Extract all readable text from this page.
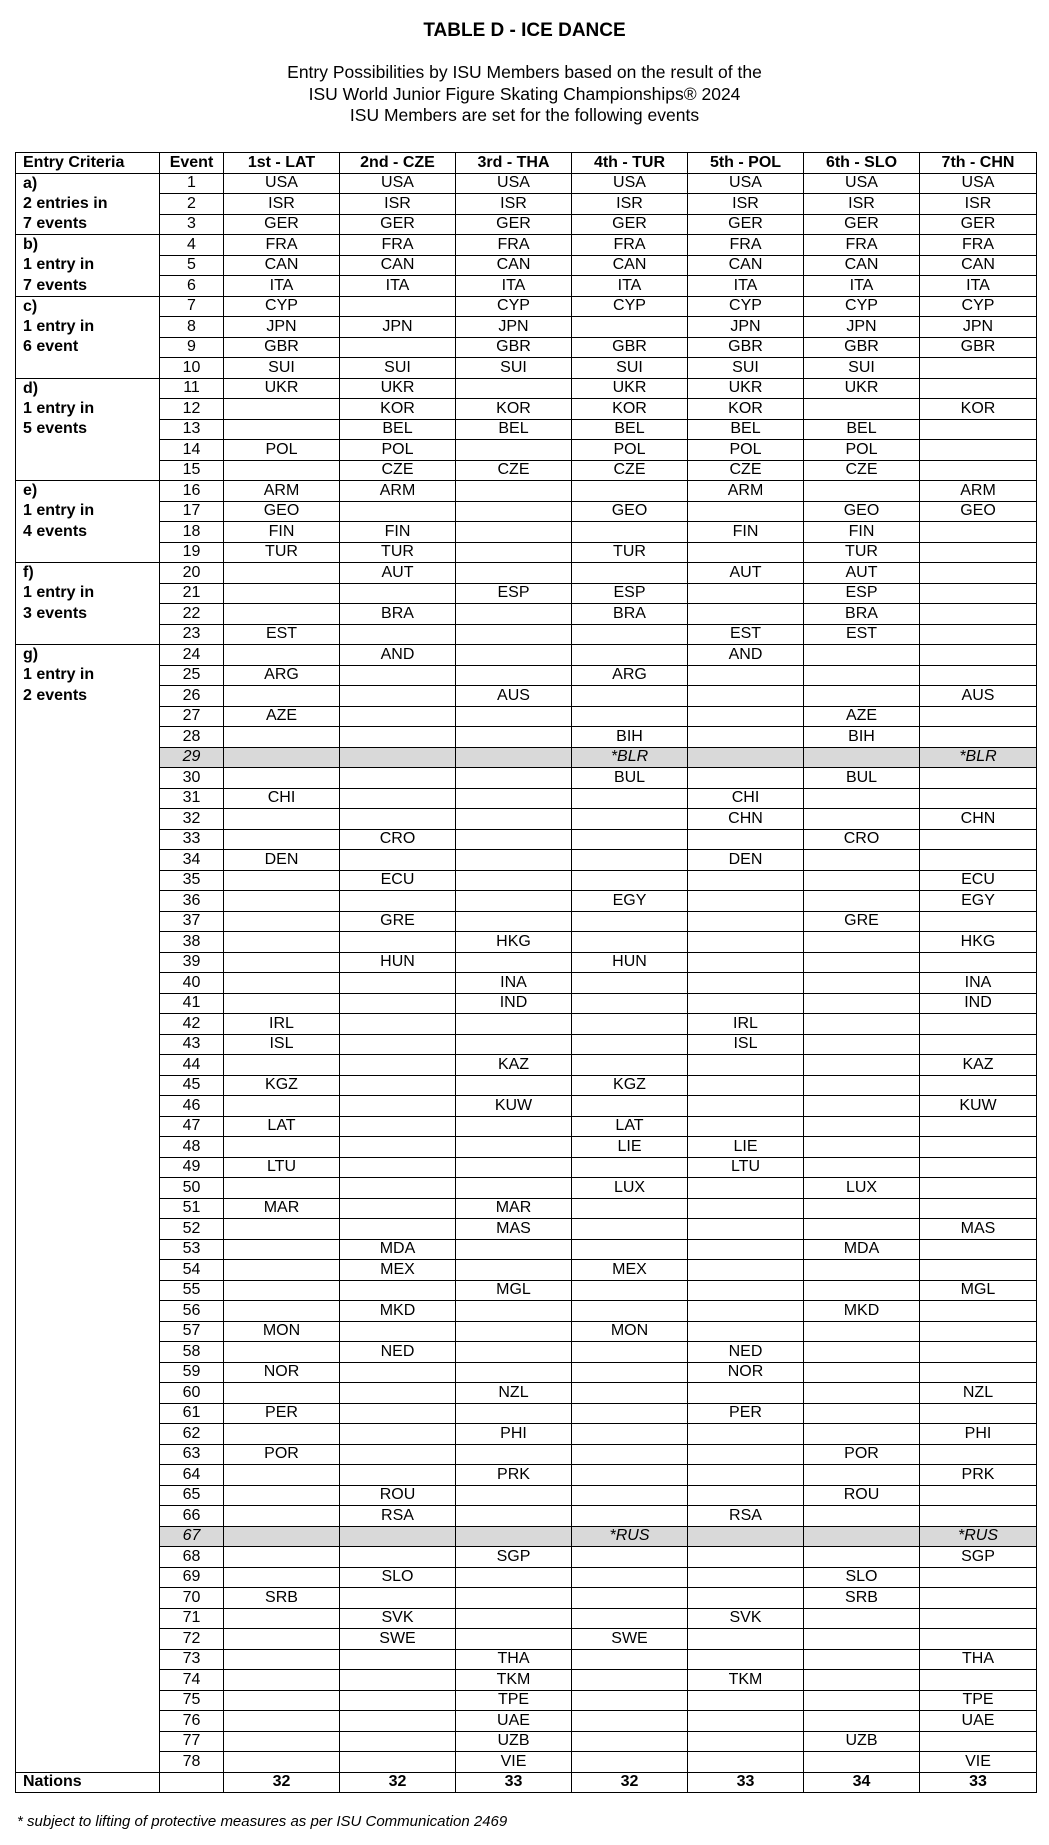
TABLE D - ICE DANCE
Entry Possibilities by ISU Members based on the result of the
ISU World Junior Figure Skating Championships® 2024
ISU Members are set for the following events
Entry Criteria	Event	1st - LAT	2nd - CZE	3rd - THA	4th - TUR	5th - POL	6th - SLO	7th - CHN
a)	1	USA	USA	USA	USA	USA	USA	USA
2 entries in	2	ISR	ISR	ISR	ISR	ISR	ISR	ISR
7 events	3	GER	GER	GER	GER	GER	GER	GER
b)	4	FRA	FRA	FRA	FRA	FRA	FRA	FRA
1 entry in	5	CAN	CAN	CAN	CAN	CAN	CAN	CAN
7 events	6	ITA	ITA	ITA	ITA	ITA	ITA	ITA
c)	7	CYP		CYP	CYP	CYP	CYP	CYP
1 entry in	8	JPN	JPN	JPN		JPN	JPN	JPN
6 event	9	GBR		GBR	GBR	GBR	GBR	GBR
	10	SUI	SUI	SUI	SUI	SUI	SUI	
d)	11	UKR	UKR		UKR	UKR	UKR	
1 entry in	12		KOR	KOR	KOR	KOR		KOR
5 events	13		BEL	BEL	BEL	BEL	BEL	
	14	POL	POL		POL	POL	POL	
	15		CZE	CZE	CZE	CZE	CZE	
e)	16	ARM	ARM			ARM		ARM
1 entry in	17	GEO			GEO		GEO	GEO
4 events	18	FIN	FIN			FIN	FIN	
	19	TUR	TUR		TUR		TUR	
f)	20		AUT			AUT	AUT	
1 entry in	21			ESP	ESP		ESP	
3 events	22		BRA		BRA		BRA	
	23	EST				EST	EST	
g)	24		AND			AND		
1 entry in	25	ARG			ARG			
2 events	26			AUS				AUS
	27	AZE					AZE	
	28				BIH		BIH	
	29				*BLR			*BLR
	30				BUL		BUL	
	31	CHI				CHI		
	32					CHN		CHN
	33		CRO				CRO	
	34	DEN				DEN		
	35		ECU					ECU
	36				EGY			EGY
	37		GRE				GRE	
	38			HKG				HKG
	39		HUN		HUN			
	40			INA				INA
	41			IND				IND
	42	IRL				IRL		
	43	ISL				ISL		
	44			KAZ				KAZ
	45	KGZ			KGZ			
	46			KUW				KUW
	47	LAT			LAT			
	48				LIE	LIE		
	49	LTU				LTU		
	50				LUX		LUX	
	51	MAR		MAR				
	52			MAS				MAS
	53		MDA				MDA	
	54		MEX		MEX			
	55			MGL				MGL
	56		MKD				MKD	
	57	MON			MON			
	58		NED			NED		
	59	NOR				NOR		
	60			NZL				NZL
	61	PER				PER		
	62			PHI				PHI
	63	POR					POR	
	64			PRK				PRK
	65		ROU				ROU	
	66		RSA			RSA		
	67				*RUS			*RUS
	68			SGP				SGP
	69		SLO				SLO	
	70	SRB					SRB	
	71		SVK			SVK		
	72		SWE		SWE			
	73			THA				THA
	74			TKM		TKM		
	75			TPE				TPE
	76			UAE				UAE
	77			UZB			UZB	
	78			VIE				VIE
Nations		32	32	33	32	33	34	33
* subject to lifting of protective measures as per ISU Communication 2469
